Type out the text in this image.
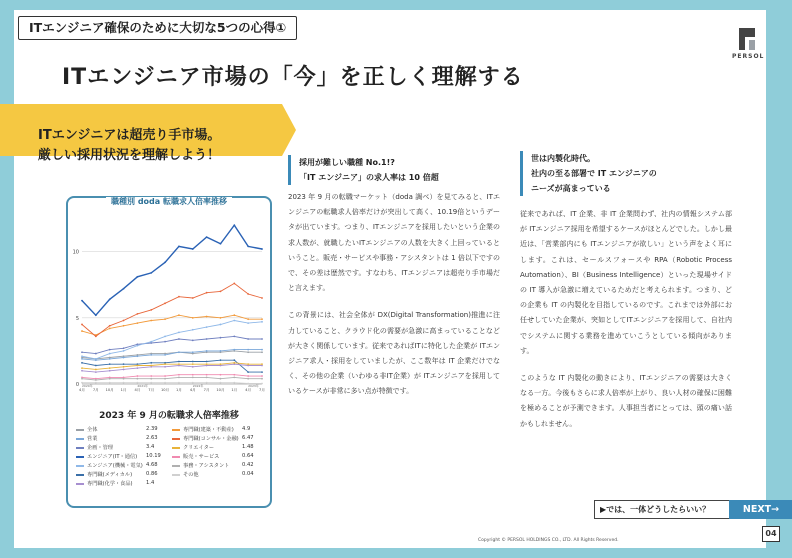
ITエンジニア確保のために大切な5つの心得①
PERSOL
ITエンジニア市場の「今」を正しく理解する
ITエンジニアは超売り手市場。
厳しい採用状況を理解しよう！
職種別 doda 転職求人倍率推移
0
5
10
4月 7月 10月 1月 4月 7月 10月 1月 4月 7月 10月 1月 4月 7月
2020年	2021年	2022年	2023年
2023 年 9 月の転職求人倍率推移
全体	2.39
営業	2.63
企画・管理	3.4
エンジニア(IT・通信) 10.19
エンジニア(機械・電気) 4.68
専門職(メディカル)	0.86
専門職(化学・食品)	1.4
専門職(建築・不動産) 4.9
専門職(コンサル・金融) 6.47
クリエイター	1.48
販売・サービス	0.64
事務・アシスタント 0.42
その他	0.04
採用が難しい職種 No.1!?
「IT エンジニア」の求人率は 10 倍超

2023 年 9 月の転職マーケット（doda 調べ）を見てみると、ITエンジニアの転職求人倍率だけが突出して高く、10.19倍というデータが出ています。つまり、ITエンジニアを採用したいという企業の求人数が、就職したいITエンジニアの人数を大きく上回っているということ。販売・サービスや事務・アシスタントは 1 倍以下ですので、その差は歴然です。すなわち、ITエンジニアは超売り手市場だと言えます。

この背景には、社会全体が DX(Digital Transformation)推進に注力していること、クラウド化の需要が急激に高まっていることなどが大きく関係しています。従来であればITに特化した企業が ITエンジニア求人・採用をしていましたが、ここ数年は IT 企業だけでなく、その他の企業（いわゆる非IT企業）が ITエンジニアを採用しているケースが非常に多い点が特徴です。

世は内製化時代。
社内の至る部署で IT エンジニアの
ニーズが高まっている

従来であれば、IT 企業、非 IT 企業問わず、社内の情報システム部が ITエンジニア採用を希望するケースがほとんどでした。しかし最近は、「営業部内にも ITエンジニアが欲しい」という声をよく耳にします。これは、セールスフォースや RPA（Robotic Process Automation）、BI（Business Intelligence）といった現場サイドの IT 導入が急激に増えているためだと考えられます。つまり、どの企業も IT の内製化を目指しているのです。これまでは外部にお任せしていた企業が、突如としてITエンジニアを採用して、自社内でシステムに関する業務を進めていこうとしている傾向があります。

このような IT 内製化の動きにより、ITエンジニアの需要は大きくなる一方。今後もさらに求人倍率が上がり、良い人材の確保に困難を極めることが予測できます。人事担当者にとっては、頭の痛い話かもしれません。

▶では、一体どうしたらいい？	NEXT→
04
Copyright © PERSOL HOLDINGS CO., LTD. All Rights Reserved.
